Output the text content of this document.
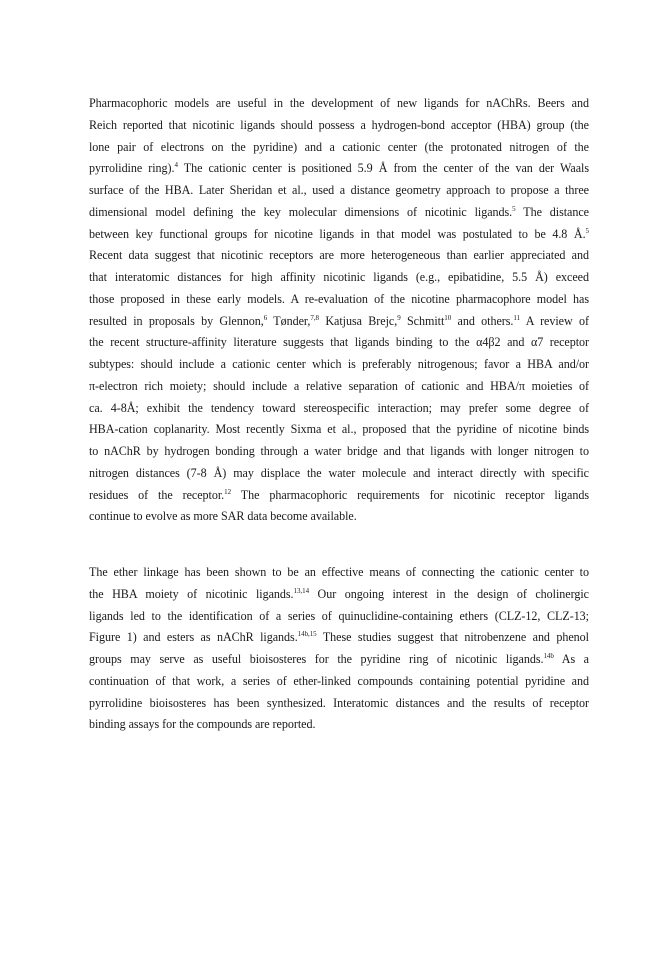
Pharmacophoric models are useful in the development of new ligands for nAChRs. Beers and
Reich reported that nicotinic ligands should possess a hydrogen-bond acceptor (HBA) group (the
lone pair of electrons on the pyridine) and a cationic center (the protonated nitrogen of the
pyrrolidine ring).$^4$ The cationic center is positioned 5.9 Å from the center of the van der Waals
surface of the HBA. Later Sheridan et al., used a distance geometry approach to propose a three
dimensional model defining the key molecular dimensions of nicotinic ligands.$^5$ The distance
between key functional groups for nicotine ligands in that model was postulated to be 4.8 Å.$^5$
Recent data suggest that nicotinic receptors are more heterogeneous than earlier appreciated and
that interatomic distances for high affinity nicotinic ligands (e.g., epibatidine, 5.5 Å) exceed
those proposed in these early models. A re-evaluation of the nicotine pharmacophore model has
resulted in proposals by Glennon,$^6$ Tønder,$^{7,8}$ Katjusa Brejc,$^9$ Schmitt$^{10}$ and others.$^{11}$ A review of
the recent structure-affinity literature suggests that ligands binding to the α4β2 and α7 receptor
subtypes: should include a cationic center which is preferably nitrogenous; favor a HBA and/or
π-electron rich moiety; should include a relative separation of cationic and HBA/π moieties of
ca. 4-8Å; exhibit the tendency toward stereospecific interaction; may prefer some degree of
HBA-cation coplanarity. Most recently Sixma et al., proposed that the pyridine of nicotine binds
to nAChR by hydrogen bonding through a water bridge and that ligands with longer nitrogen to
nitrogen distances (7-8 Å) may displace the water molecule and interact directly with specific
residues of the receptor.$^{12}$ The pharmacophoric requirements for nicotinic receptor ligands
continue to evolve as more SAR data become available.
The ether linkage has been shown to be an effective means of connecting the cationic center to
the HBA moiety of nicotinic ligands.$^{13,14}$ Our ongoing interest in the design of cholinergic
ligands led to the identification of a series of quinuclidine-containing ethers (CLZ-12, CLZ-13;
Figure 1) and esters as nAChR ligands.$^{14b,15}$ These studies suggest that nitrobenzene and phenol
groups may serve as useful bioisosteres for the pyridine ring of nicotinic ligands.$^{14b}$ As a
continuation of that work, a series of ether-linked compounds containing potential pyridine and
pyrrolidine bioisosteres has been synthesized. Interatomic distances and the results of receptor
binding assays for the compounds are reported.
